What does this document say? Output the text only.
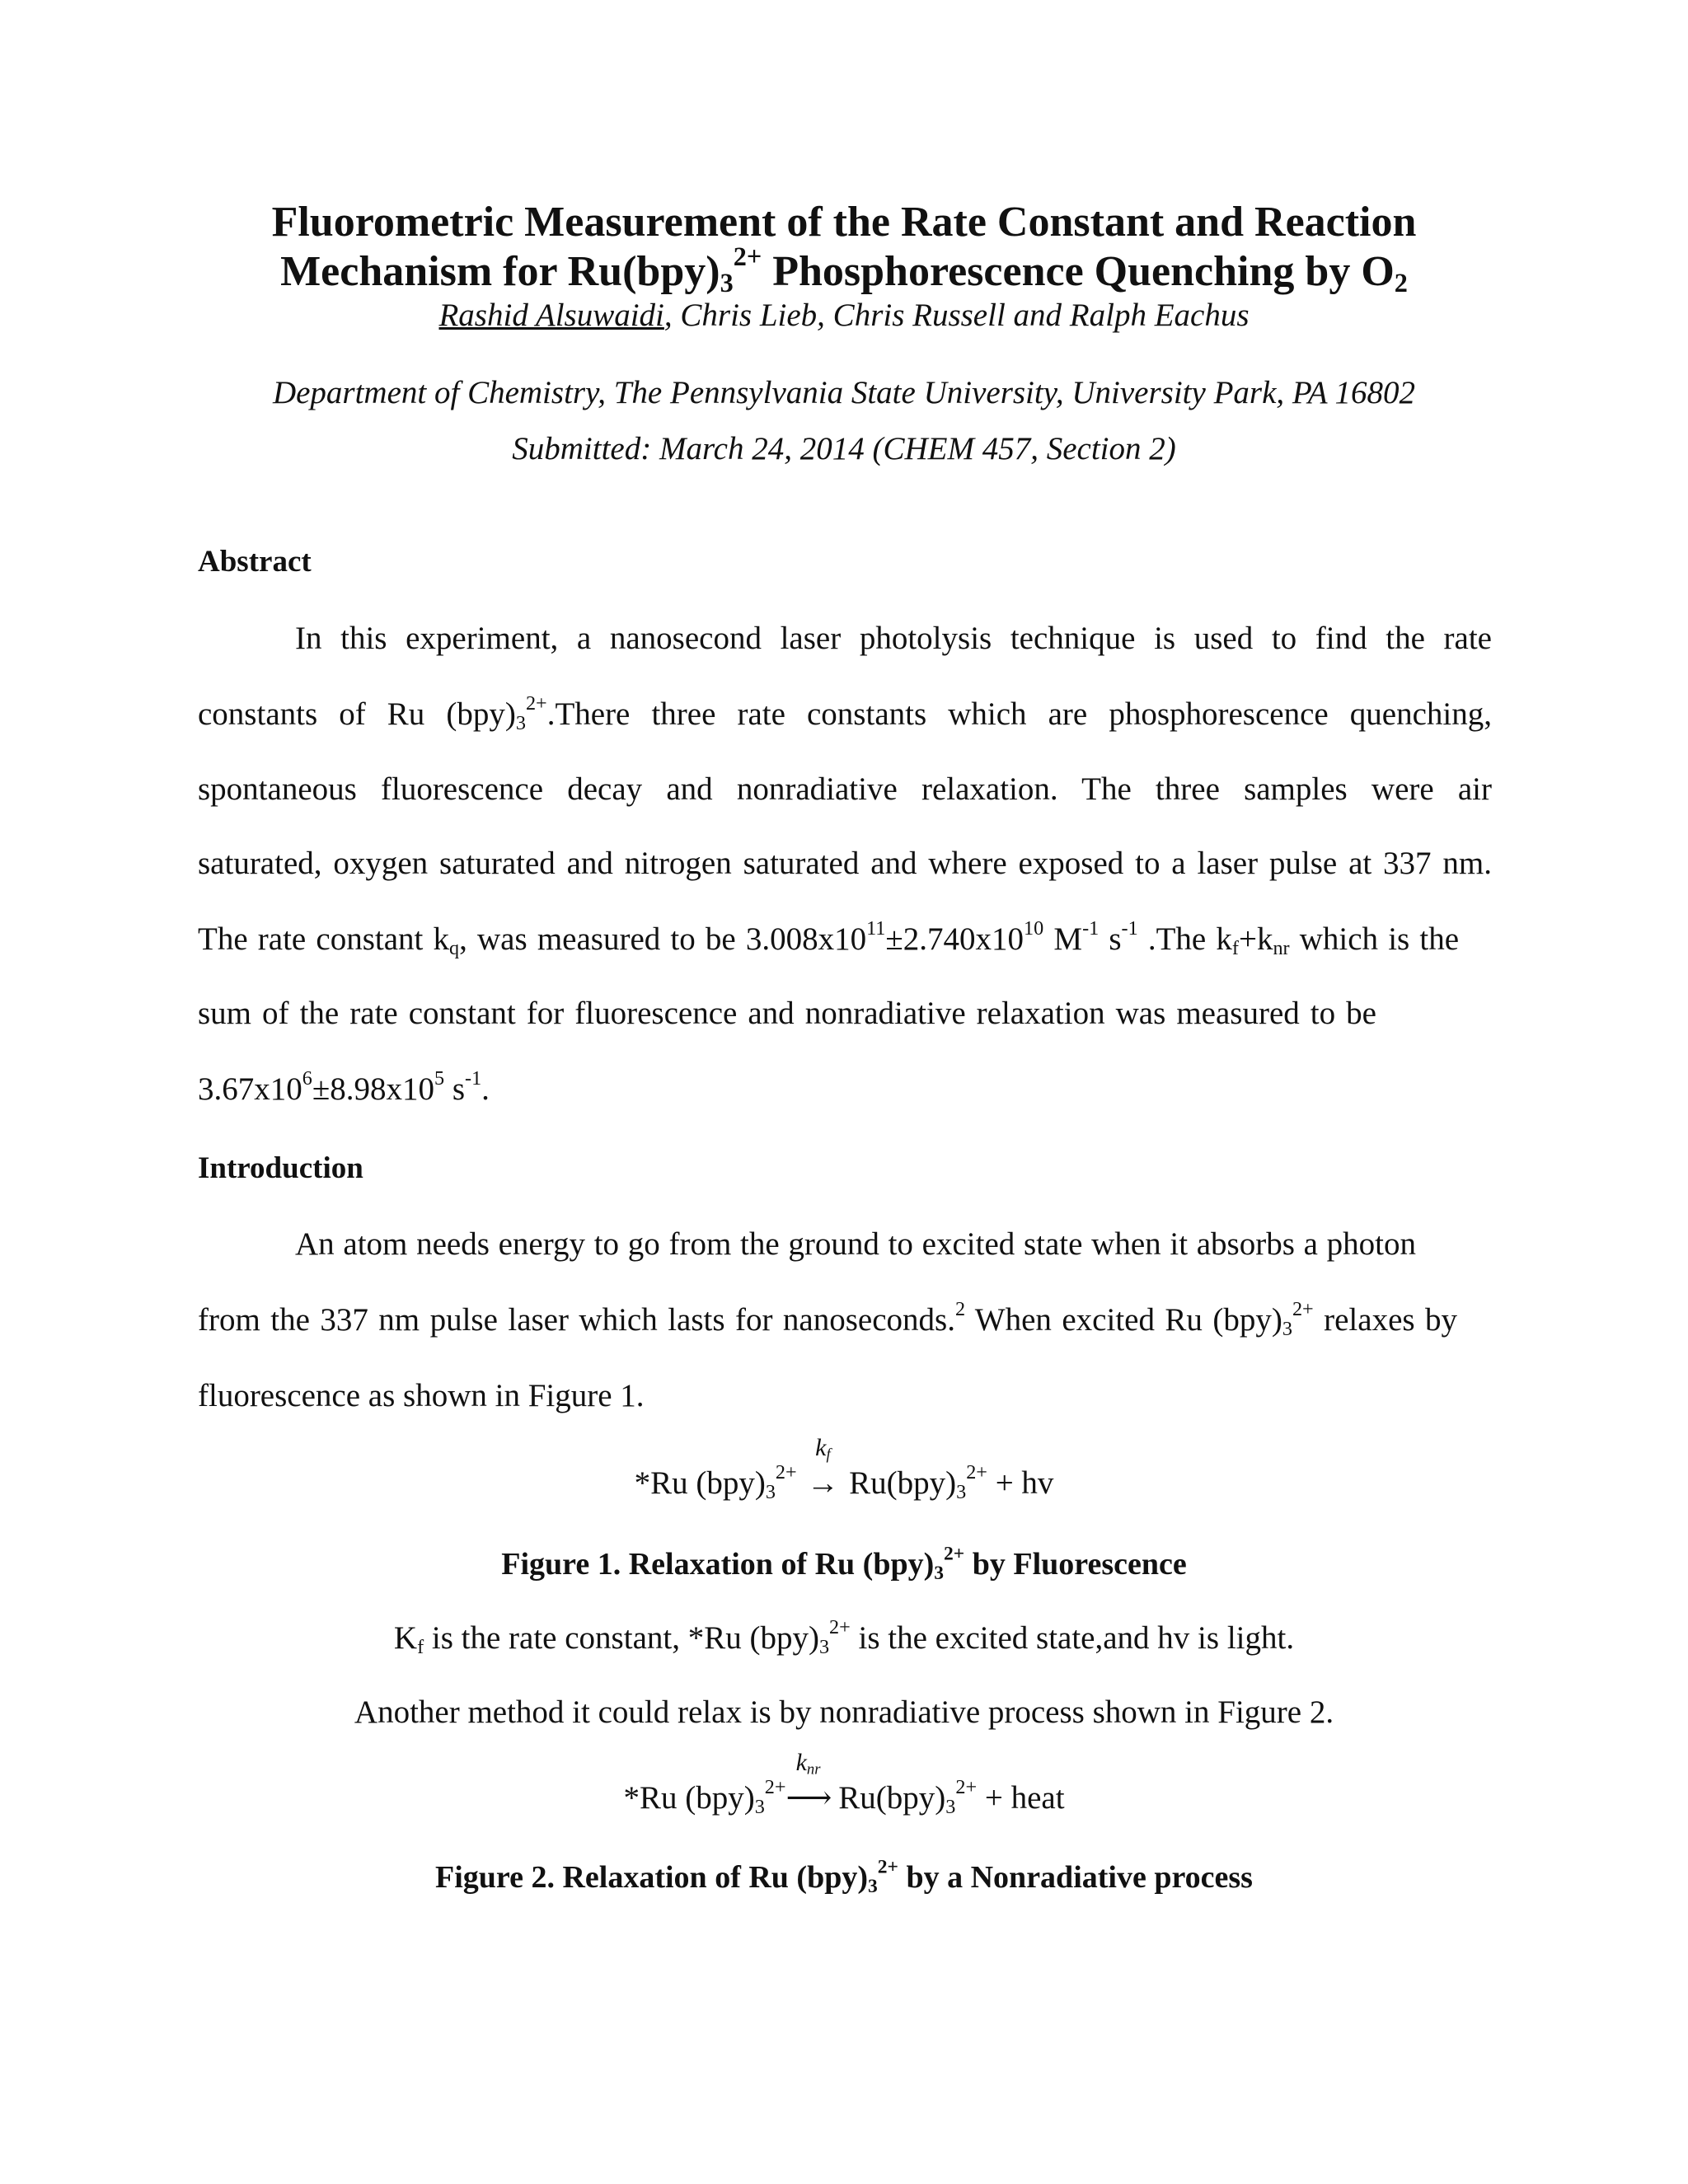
Fluorometric Measurement of the Rate Constant and Reaction
Mechanism for $Ru(bpy)_3^{2+}$ Phosphorescence Quenching by $O_2$
Rashid Alsuwaidi, Chris Lieb, Chris Russell and Ralph Eachus
Department of Chemistry, The Pennsylvania State University, University Park, PA 16802
Submitted: March 24, 2014 (CHEM 457, Section 2)
Abstract
In this experiment, a nanosecond laser photolysis technique is used to find the rate
constants of Ru $(bpy)_3^{2+}.There$ three rate constants which are phosphorescence quenching,
spontaneous fluorescence decay and nonradiative relaxation. The three samples were air
saturated, oxygen saturated and nitrogen saturated and where exposed to a laser pulse at 337 nm.
The rate constant $k_q$, was measured to be $3.008x10^{11}\pm 2.740x10^{10}$ $M^{-1}$ $s^{-1}$ .The $k_f+k_{nr}$ which is the
sum of the rate constant for fluorescence and nonradiative relaxation was measured to be
$3.67x10^6\pm 8.98x10^5$ $s^{-1}$.
Introduction
An atom needs energy to go from the ground to excited state when it absorbs a photon
from the 337 nm pulse laser which lasts for nanoseconds.$^2$ When excited Ru $(bpy)_3^{2+}$ relaxes by
fluorescence as shown in Figure 1.
*Ru $(bpy)_3^{2+}$
$k_f$
→ $Ru(bpy)_3^{2+}$ + hv
Figure 1. Relaxation of Ru $(bpy)_3^{2+}$ by Fluorescence
$K_f$ is the rate constant, *Ru $(bpy)_3^{2+}$ is the excited state,and hv is light.
Another method it could relax is by nonradiative process shown in Figure 2.
*Ru $(bpy)_3^{2+}$
$k_{nr}$
⟶ $Ru(bpy)_3^{2+}$ + heat
Figure 2. Relaxation of Ru $(bpy)_3^{2+}$ by a Nonradiative process
